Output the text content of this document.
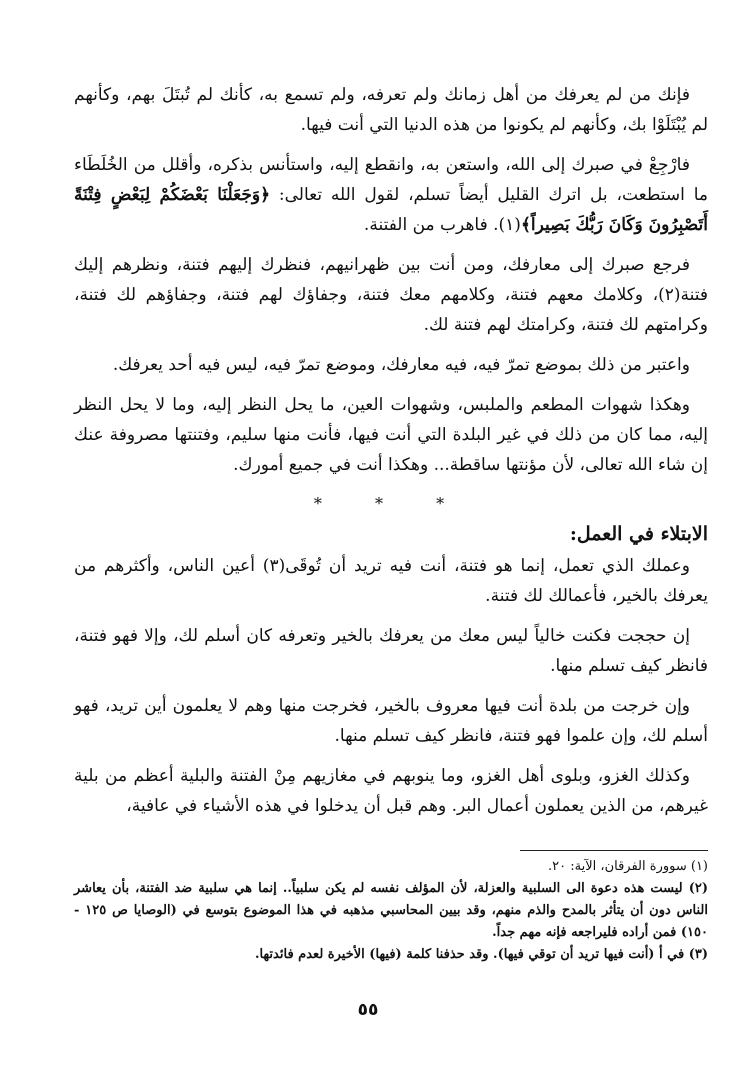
فإنك من لم يعرفك من أهل زمانك ولم تعرفه، ولم تسمع به، كأنك لم تُبتَلَ بهم، وكأنهم لم يُبْتَلَوْا بك، وكأنهم لم يكونوا من هذه الدنيا التي أنت فيها.

فارْجِعْ في صبرك إلى الله، واستعن به، وانقطع إليه، واستأنس بذكره، وأقلل من الخُلَطَاء ما استطعت، بل اترك القليل أيضاً تسلم، لقول الله تعالى: ﴿وَجَعَلْنَا بَعْضَكُمْ لِبَعْضٍ فِتْنَةً أَتَصْبِرُونَ وَكَانَ رَبُّكَ بَصِيراً﴾(١). فاهرب من الفتنة.

فرجع صبرك إلى معارفك، ومن أنت بين ظهرانيهم، فنظرك إليهم فتنة، ونظرهم إليك فتنة(٢)، وكلامك معهم فتنة، وكلامهم معك فتنة، وجفاؤك لهم فتنة، وجفاؤهم لك فتنة، وكرامتهم لك فتنة، وكرامتك لهم فتنة لك.

واعتبر من ذلك بموضع تمرّ فيه، فيه معارفك، وموضع تمرّ فيه، ليس فيه أحد يعرفك.

وهكذا شهوات المطعم والملبس، وشهوات العين، ما يحل النظر إليه، وما لا يحل النظر إليه، مما كان من ذلك في غير البلدة التي أنت فيها، فأنت منها سليم، وفتنتها مصروفة عنك إن شاء الله تعالى، لأن مؤنتها ساقطة... وهكذا أنت في جميع أمورك.

* * *
الابتلاء في العمل:

وعملك الذي تعمل، إنما هو فتنة، أنت فيه تريد أن تُوقَى(٣) أعين الناس، وأكثرهم من يعرفك بالخير، فأعمالك لك فتنة.

إن حججت فكنت خالياً ليس معك من يعرفك بالخير وتعرفه كان أسلم لك، وإلا فهو فتنة، فانظر كيف تسلم منها.

وإن خرجت من بلدة أنت فيها معروف بالخير، فخرجت منها وهم لا يعلمون أين تريد، فهو أسلم لك، وإن علموا فهو فتنة، فانظر كيف تسلم منها.

وكذلك الغزو، وبلوى أهل الغزو، وما ينوبهم في مغازيهم مِنْ الفتنة والبلية أعظم من بلية غيرهم، من الذين يعملون أعمال البر. وهم قبل أن يدخلوا في هذه الأشياء في عافية،

(١) سوورة الفرقان، الآية: ٢٠.

(٢) ليست هذه دعوة الى السلبية والعزلة، لأن المؤلف نفسه لم يكن سلبياً.. إنما هي سلبية ضد الفتنة، بأن يعاشر الناس دون أن يتأثر بالمدح والذم منهم، وقد بيين المحاسبي مذهبه في هذا الموضوع بتوسع في (الوصايا ص ١٢٥ - ١٥٠) فمن أراده فليراجعه فإنه مهم جداً.

(٣) في أ (أنت فيها تريد أن توقي فيها). وقد حذفنا كلمة (فيها) الأخيرة لعدم فائدتها.

٥٥
